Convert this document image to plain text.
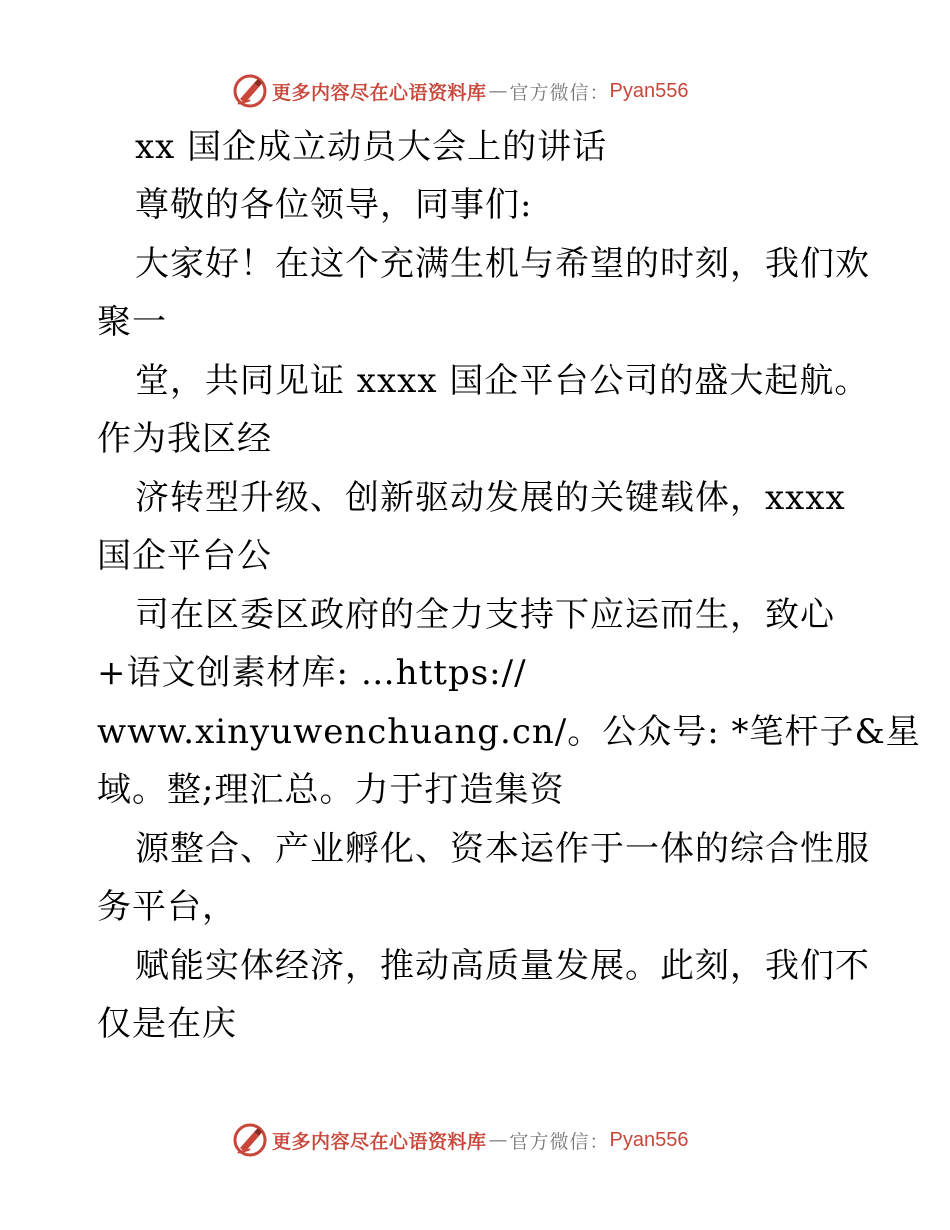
更多内容尽在心语资料库 — 官方微信： Pyan556
xx 国企成立动员大会上的讲话
尊敬的各位领导，同事们:
大家好！在这个充满生机与希望的时刻，我们欢
聚一
堂，共同见证 xxxx 国企平台公司的盛大起航。
作为我区经
济转型升级、创新驱动发展的关键载体，xxxx
国企平台公
司在区委区政府的全力支持下应运而生，致心
+语文创素材库: …https://
www.xinyuwenchuang.cn/。公众号: *笔杆子&星
域。整;理汇总。力于打造集资
源整合、产业孵化、资本运作于一体的综合性服
务平台，
赋能实体经济，推动高质量发展。此刻，我们不
仅是在庆
更多内容尽在心语资料库 — 官方微信： Pyan556
